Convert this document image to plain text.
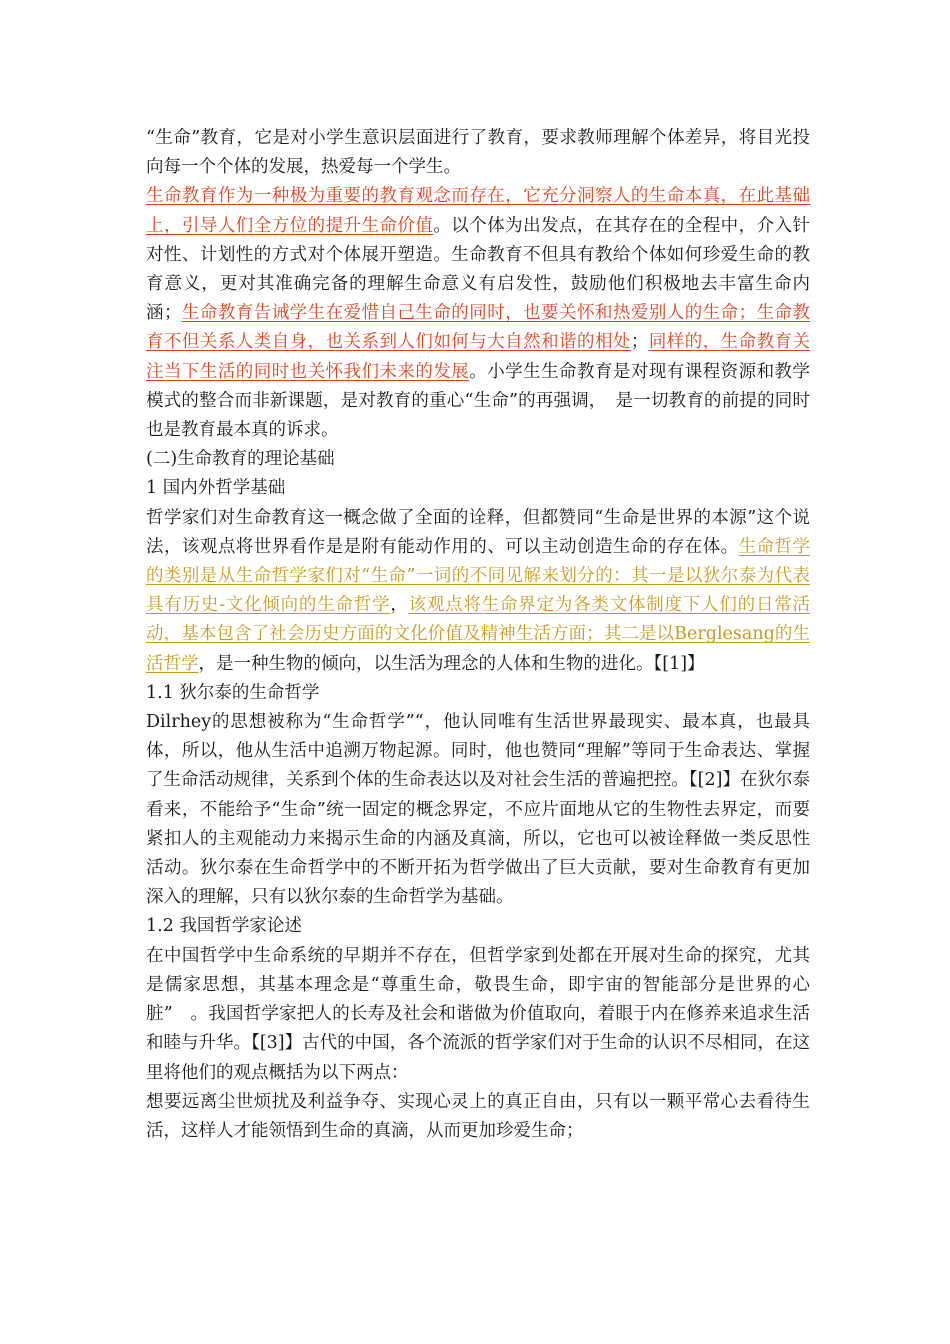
“生命”教育，它是对小学生意识层面进行了教育，要求教师理解个体差异，将目光投向每一个个体的发展，热爱每一个学生。

生命教育作为一种极为重要的教育观念而存在，它充分洞察人的生命本真，在此基础上，引导人们全方位的提升生命价值。以个体为出发点，在其存在的全程中，介入针对性、计划性的方式对个体展开塑造。生命教育不但具有教给个体如何珍爱生命的教育意义，更对其准确完备的理解生命意义有启发性，鼓励他们积极地去丰富生命内涵；生命教育告诫学生在爱惜自己生命的同时，也要关怀和热爱别人的生命；生命教育不但关系人类自身，也关系到人们如何与大自然和谐的相处；同样的，生命教育关注当下生活的同时也关怀我们未来的发展。小学生生命教育是对现有课程资源和教学模式的整合而非新课题，是对教育的重心“生命”的再强调，　是一切教育的前提的同时也是教育最本真的诉求。

(二)生命教育的理论基础

1 国内外哲学基础

哲学家们对生命教育这一概念做了全面的诠释，但都赞同“生命是世界的本源”这个说法，该观点将世界看作是是附有能动作用的、可以主动创造生命的存在体。生命哲学的类别是从生命哲学家们对“生命”一词的不同见解来划分的：其一是以狄尔泰为代表具有历史-文化倾向的生命哲学，该观点将生命界定为各类文体制度下人们的日常活动，基本包含了社会历史方面的文化价值及精神生活方面；其二是以Berglesang的生活哲学，是一种生物的倾向，以生活为理念的人体和生物的进化。【[1]】

1.1 狄尔泰的生命哲学

Dilrhey的思想被称为“生命哲学”“，他认同唯有生活世界最现实、最本真，也最具体，所以，他从生活中追溯万物起源。同时，他也赞同“理解”等同于生命表达、掌握了生命活动规律，关系到个体的生命表达以及对社会生活的普遍把控。【[2]】在狄尔泰看来，不能给予“生命”统一固定的概念界定，不应片面地从它的生物性去界定，而要紧扣人的主观能动力来揭示生命的内涵及真滴，所以，它也可以被诠释做一类反思性活动。狄尔泰在生命哲学中的不断开拓为哲学做出了巨大贡献，要对生命教育有更加深入的理解，只有以狄尔泰的生命哲学为基础。

1.2 我国哲学家论述

在中国哲学中生命系统的早期并不存在，但哲学家到处都在开展对生命的探究，尤其是儒家思想，其基本理念是“尊重生命，敬畏生命，即宇宙的智能部分是世界的心脏”　。我国哲学家把人的长寿及社会和谐做为价值取向，着眼于内在修养来追求生活和睦与升华。【[3]】古代的中国，各个流派的哲学家们对于生命的认识不尽相同，在这里将他们的观点概括为以下两点：

想要远离尘世烦扰及利益争夺、实现心灵上的真正自由，只有以一颗平常心去看待生活，这样人才能领悟到生命的真滴，从而更加珍爱生命；
